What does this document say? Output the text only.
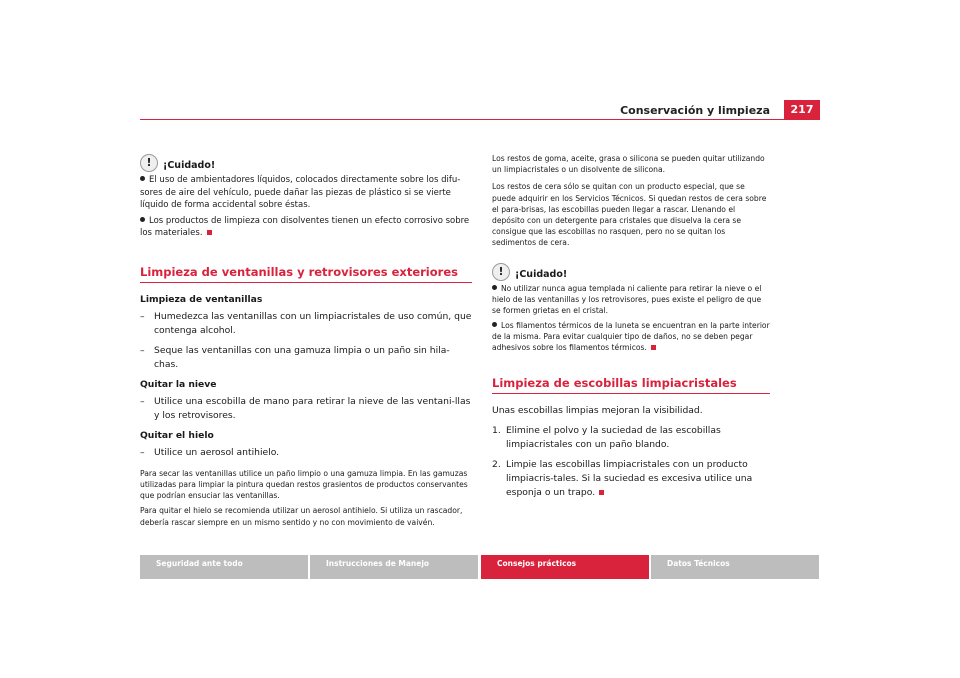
Conservación y limpieza	217
!	¡Cuidado!

El uso de ambientadores líquidos, colocados directamente sobre los difu-sores de aire del vehículo, puede dañar las piezas de plástico si se vierte líquido de forma accidental sobre éstas.

Los productos de limpieza con disolventes tienen un efecto corrosivo sobre los materiales.

Limpieza de ventanillas y retrovisores exteriores

Limpieza de ventanillas

–	Humedezca las ventanillas con un limpiacristales de uso común, que contenga alcohol.
–	Seque las ventanillas con una gamuza limpia o un paño sin hila-chas.

Quitar la nieve

–	Utilice una escobilla de mano para retirar la nieve de las ventani-llas y los retrovisores.

Quitar el hielo

–	Utilice un aerosol antihielo.

Para secar las ventanillas utilice un paño limpio o una gamuza limpia. En las gamuzas utilizadas para limpiar la pintura quedan restos grasientos de productos conservantes que podrían ensuciar las ventanillas.

Para quitar el hielo se recomienda utilizar un aerosol antihielo. Si utiliza un rascador, debería rascar siempre en un mismo sentido y no con movimiento de vaivén.

Los restos de goma, aceite, grasa o silicona se pueden quitar utilizando un limpiacristales o un disolvente de silicona.

Los restos de cera sólo se quitan con un producto especial, que se puede adquirir en los Servicios Técnicos. Si quedan restos de cera sobre el para-brisas, las escobillas pueden llegar a rascar. Llenando el depósito con un detergente para cristales que disuelva la cera se consigue que las escobillas no rasquen, pero no se quitan los sedimentos de cera.

!	¡Cuidado!

No utilizar nunca agua templada ni caliente para retirar la nieve o el hielo de las ventanillas y los retrovisores, pues existe el peligro de que se formen grietas en el cristal.

Los filamentos térmicos de la luneta se encuentran en la parte interior de la misma. Para evitar cualquier tipo de daños, no se deben pegar adhesivos sobre los filamentos térmicos.

Limpieza de escobillas limpiacristales

Unas escobillas limpias mejoran la visibilidad.

1. Elimine el polvo y la suciedad de las escobillas limpiacristales con un paño blando.
2. Limpie las escobillas limpiacristales con un producto limpiacris-tales. Si la suciedad es excesiva utilice una esponja o un trapo.
Seguridad ante todo	Instrucciones de Manejo	Consejos prácticos	Datos Técnicos
